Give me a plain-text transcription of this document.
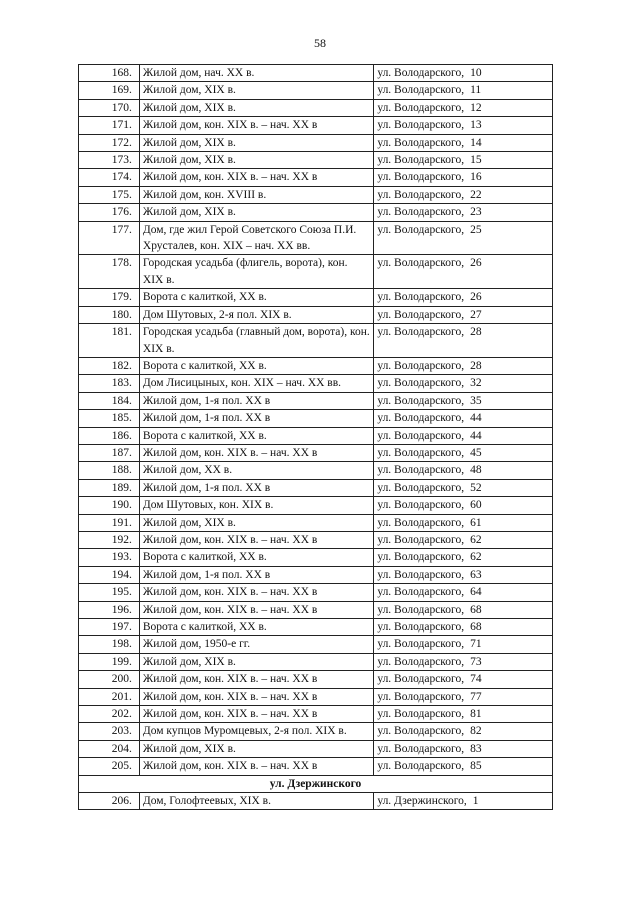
58
168.	Жилой дом, нач. XX в.	ул. Володарского, 10

169.	Жилой дом, XIX в.	ул. Володарского, 11

170.	Жилой дом, XIX в.	ул. Володарского, 12

171.	Жилой дом, кон. XIX в. – нач. XX в	ул. Володарского, 13

172.	Жилой дом, XIX в.	ул. Володарского, 14

173.	Жилой дом, XIX в.	ул. Володарского, 15

174.	Жилой дом, кон. XIX в. – нач. XX в	ул. Володарского, 16

175.	Жилой дом, кон. XVIII в.	ул. Володарского, 22

176.	Жилой дом, XIX в.	ул. Володарского, 23

177.	Дом, где жил Герой Советского Союза П.И. Хрусталев, кон. XIX – нач. XX вв.	ул. Володарского, 25

178.	Городская усадьба (флигель, ворота), кон. XIX в.	ул. Володарского, 26

179.	Ворота с калиткой, XX в.	ул. Володарского, 26

180.	Дом Шутовых, 2-я пол. XIX в.	ул. Володарского, 27

181.	Городская усадьба (главный дом, ворота), кон. XIX в.	ул. Володарского, 28

182.	Ворота с калиткой, XX в.	ул. Володарского, 28

183.	Дом Лисицыных, кон. XIX – нач. XX вв.	ул. Володарского, 32

184.	Жилой дом, 1-я пол. XX в	ул. Володарского, 35

185.	Жилой дом, 1-я пол. XX в	ул. Володарского, 44

186.	Ворота с калиткой, XX в.	ул. Володарского, 44

187.	Жилой дом, кон. XIX в. – нач. XX в	ул. Володарского, 45

188.	Жилой дом, XX в.	ул. Володарского, 48

189.	Жилой дом, 1-я пол. XX в	ул. Володарского, 52

190.	Дом Шутовых, кон. XIX в.	ул. Володарского, 60

191.	Жилой дом, XIX в.	ул. Володарского, 61

192.	Жилой дом, кон. XIX в. – нач. XX в	ул. Володарского, 62

193.	Ворота с калиткой, XX в.	ул. Володарского, 62

194.	Жилой дом, 1-я пол. XX в	ул. Володарского, 63

195.	Жилой дом, кон. XIX в. – нач. XX в	ул. Володарского, 64

196.	Жилой дом, кон. XIX в. – нач. XX в	ул. Володарского, 68

197.	Ворота с калиткой, XX в.	ул. Володарского, 68

198.	Жилой дом, 1950-е гг.	ул. Володарского, 71

199.	Жилой дом, XIX в.	ул. Володарского, 73

200.	Жилой дом, кон. XIX в. – нач. XX в	ул. Володарского, 74

201.	Жилой дом, кон. XIX в. – нач. XX в	ул. Володарского, 77

202.	Жилой дом, кон. XIX в. – нач. XX в	ул. Володарского, 81

203.	Дом купцов Муромцевых, 2-я пол. XIX в.	ул. Володарского, 82

204.	Жилой дом, XIX в.	ул. Володарского, 83

205.	Жилой дом, кон. XIX в. – нач. XX в	ул. Володарского, 85
ул. Дзержинского		

206.	Дом, Голофтеевых, XIX в.	ул. Дзержинского, 1
